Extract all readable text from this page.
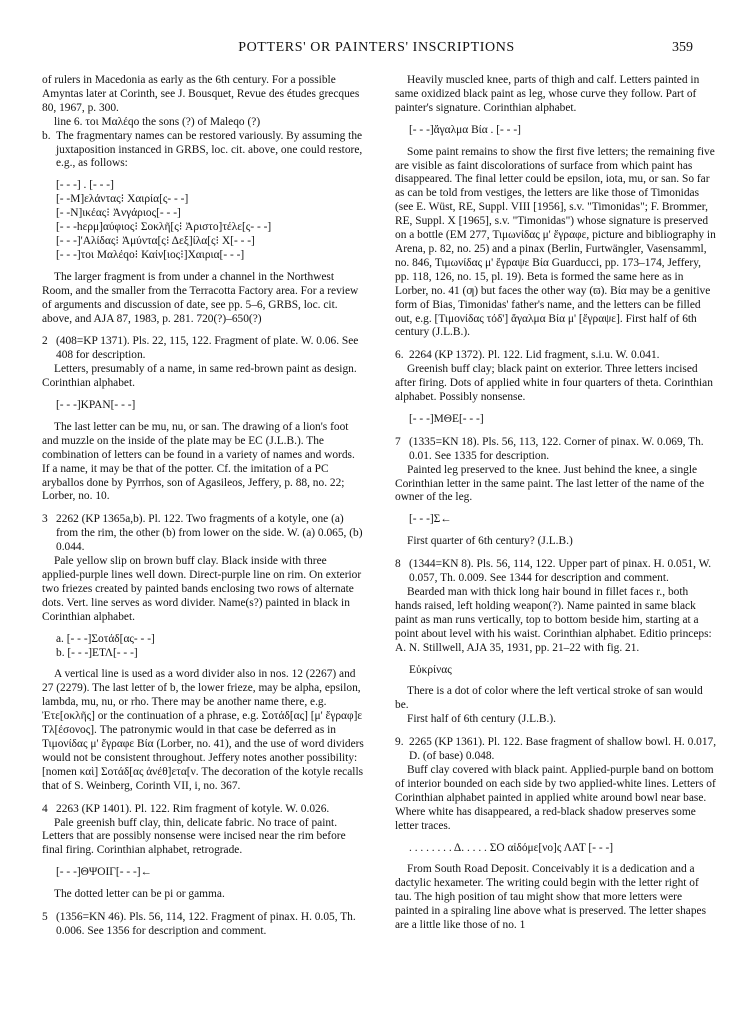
POTTERS' OR PAINTERS' INSCRIPTIONS	359

of rulers in Macedonia as early as the 6th century. For a possible Amyntas later at Corinth, see J. Bousquet, Revue des études grecques 80, 1967, p. 300.

line 6. τοι Μαλέqo the sons (?) of Maleqo (?)

b. The fragmentary names can be restored variously. By assuming the juxtaposition instanced in GRBS, loc. cit. above, one could restore, e.g., as follows:

[- - -] . [- - -]
[- -Μ]ελάντας⁝ Χαιρία[ς- - -]
[- -Ν]ικέας⁝ Ἀνγάριος[- - -]
[- - -hερμ]αύφιος⁝ Σοκλῆ[ς⁝ Ἀριστο]τέλε[ς- - -]
[- - -]'Αλίδας⁝ Ἀμύντα[ς⁝ Δεξ]ίλα[ς⁝ Χ[- - -]
[- - -]τοι Μαλέqo⁝ Καίν[ιος⁝]Χαιρια[- - -]

The larger fragment is from under a channel in the Northwest Room, and the smaller from the Terracotta Factory area. For a review of arguments and discussion of date, see pp. 5–6, GRBS, loc. cit. above, and AJA 87, 1983, p. 281. 720(?)–650(?)

2 (408=KP 1371). Pls. 22, 115, 122. Fragment of plate. W. 0.06. See 408 for description.

Letters, presumably of a name, in same red-brown paint as design. Corinthian alphabet.

[- - -]ΚΡΑΝ[- - -]

The last letter can be mu, nu, or san. The drawing of a lion's foot and muzzle on the inside of the plate may be EC (J.L.B.). The combination of letters can be found in a variety of names and words. If a name, it may be that of the potter. Cf. the imitation of a PC aryballos done by Pyrrhos, son of Agasileos, Jeffery, p. 88, no. 22; Lorber, no. 10.

3 2262 (KP 1365a,b). Pl. 122. Two fragments of a kotyle, one (a) from the rim, the other (b) from lower on the side. W. (a) 0.065, (b) 0.044.

Pale yellow slip on brown buff clay. Black inside with three applied-purple lines well down. Direct-purple line on rim. On exterior two friezes created by painted bands enclosing two rows of alternate dots. Vert. line serves as word divider. Name(s?) painted in black in Corinthian alphabet.

a. [- - -]Σοτάδ[ας- - -]
b. [- - -]ΕΤΛ[- - -]

A vertical line is used as a word divider also in nos. 12 (2267) and 27 (2279). The last letter of b, the lower frieze, may be alpha, epsilon, lambda, mu, nu, or rho. There may be another name there, e.g. Ἐτε[οκλῆς] or the continuation of a phrase, e.g. Σοτάδ[ας] [μ' ἔγραφ]ε Τλ[έσονος]. The patronymic would in that case be deferred as in Τιμονίδας μ' ἔγραφε Βία (Lorber, no. 41), and the use of word dividers would not be consistent throughout. Jeffery notes another possibility: [nomen καὶ] Σοτάδ[ας ἀνέθ]ετα[ν. The decoration of the kotyle recalls that of S. Weinberg, Corinth VII, i, no. 367.

4 2263 (KP 1401). Pl. 122. Rim fragment of kotyle. W. 0.026.

Pale greenish buff clay, thin, delicate fabric. No trace of paint. Letters that are possibly nonsense were incised near the rim before final firing. Corinthian alphabet, retrograde.

[- - -]ΘΨΟΙΓ[- - -]←

The dotted letter can be pi or gamma.

5 (1356=KN 46). Pls. 56, 114, 122. Fragment of pinax. H. 0.05, Th. 0.006. See 1356 for description and comment.

Heavily muscled knee, parts of thigh and calf. Letters painted in same oxidized black paint as leg, whose curve they follow. Part of painter's signature. Corinthian alphabet.

[- - -]ἄγαλμα Βία . [- - -]

Some paint remains to show the first five letters; the remaining five are visible as faint discolorations of surface from which paint has disappeared. The final letter could be epsilon, iota, mu, or san. So far as can be told from vestiges, the letters are like those of Timonidas (see E. Wüst, RE, Suppl. VIII [1956], s.v. "Timonidas"; F. Brommer, RE, Suppl. X [1965], s.v. "Timonidas") whose signature is preserved on a bottle (EM 277, Τιμωνίδας μ' ἔγραφε, picture and bibliography in Arena, p. 82, no. 25) and a pinax (Berlin, Furtwängler, Vasensamml, no. 846, Τιμωνίδας μ' ἔγραψε Βία Guarducci, pp. 173–174, Jeffery, pp. 118, 126, no. 15, pl. 19). Beta is formed the same here as in Lorber, no. 41 (ƣ) but faces the other way (ϖ). Βία may be a genitive form of Bias, Timonidas' father's name, and the letters can be filled out, e.g. [Τιμονίδας τόδ'] ἄγαλμα Βία μ' [ἔγραψε]. First half of 6th century (J.L.B.).

6. 2264 (KP 1372). Pl. 122. Lid fragment, s.i.u. W. 0.041.

Greenish buff clay; black paint on exterior. Three letters incised after firing. Dots of applied white in four quarters of theta. Corinthian alphabet. Possibly nonsense.

[- - -]ΜΘΕ[- - -]
7 (1335=KN 18). Pls. 56, 113, 122. Corner of pinax. W. 0.069, Th. 0.01. See 1335 for description.

Painted leg preserved to the knee. Just behind the knee, a single Corinthian letter in the same paint. The last letter of the name of the owner of the leg.

[- - -]Σ←

First quarter of 6th century? (J.L.B.)

8 (1344=KN 8). Pls. 56, 114, 122. Upper part of pinax. H. 0.051, W. 0.057, Th. 0.009. See 1344 for description and comment.

Bearded man with thick long hair bound in fillet faces r., both hands raised, left holding weapon(?). Name painted in same black paint as man runs vertically, top to bottom beside him, starting at a point about level with his waist. Corinthian alphabet. Editio princeps: A. N. Stillwell, AJA 35, 1931, pp. 21–22 with fig. 21.

Εὐκρίνας

There is a dot of color where the left vertical stroke of san would be.

First half of 6th century (J.L.B.).

9. 2265 (KP 1361). Pl. 122. Base fragment of shallow bowl. H. 0.017, D. (of base) 0.048.

Buff clay covered with black paint. Applied-purple band on bottom of interior bounded on each side by two applied-white lines. Letters of Corinthian alphabet painted in applied white around bowl near base. Where white has disappeared, a red-black shadow preserves some letter traces.

. . . . . . . . Δ. . . . . ΣΟ αἰδόμε[νο]ς ΛΑΤ [- - -]

From South Road Deposit. Conceivably it is a dedication and a dactylic hexameter. The writing could begin with the letter right of tau. The high position of tau might show that more letters were painted in a spiraling line above what is preserved. The letter shapes are a little like those of no. 1
